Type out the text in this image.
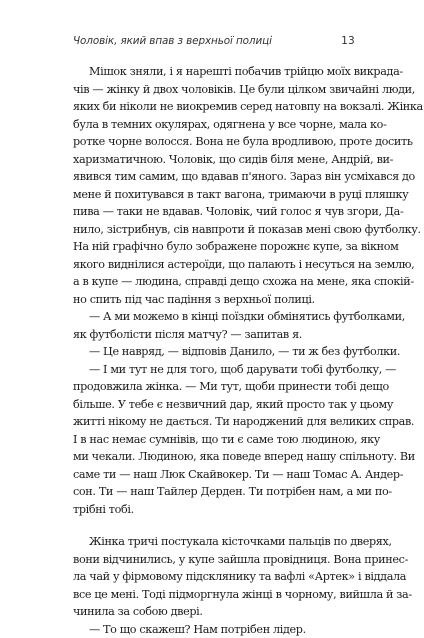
Чоловік, який впав з верхньої полиці	13
Мішок зняли, і я нарешті побачив трійцю моїх викрада-
чів — жінку й двох чоловіків. Це були цілком звичайні люди,
яких би ніколи не виокремив серед натовпу на вокзалі. Жінка
була в темних окулярах, одягнена у все чорне, мала ко-
ротке чорне волосся. Вона не була вродливою, проте досить
харизматичною. Чоловік, що сидів біля мене, Андрій, ви-
явився тим самим, що вдавав п'яного. Зараз він усміхався до
мене й похитувався в такт вагона, тримаючи в руці пляшку
пива — таки не вдавав. Чоловік, чий голос я чув згори, Да-
нило, зістрибнув, сів навпроти й показав мені свою футболку.
На ній графічно було зображене порожнє купе, за вікном
якого виднілися астероїди, що палають і несуться на землю,
а в купе — людина, справді дещо схожа на мене, яка спокій-
но спить під час падіння з верхньої полиці.
— А ми можемо в кінці поїздки обмінятись футболками,
як футболісти після матчу? — запитав я.
— Це навряд, — відповів Данило, — ти ж без футболки.
— І ми тут не для того, щоб дарувати тобі футболку, —
продовжила жінка. — Ми тут, щоби принести тобі дещо
більше. У тебе є незвичний дар, який просто так у цьому
житті нікому не дається. Ти народжений для великих справ.
І в нас немає сумнівів, що ти є саме тою людиною, яку
ми чекали. Людиною, яка поведе вперед нашу спільноту. Ви
саме ти — наш Люк Скайвокер. Ти — наш Томас А. Андер-
сон. Ти — наш Тайлер Дерден. Ти потрібен нам, а ми по-
трібні тобі.
Жінка тричі постукала кісточками пальців по дверях,
вони відчинились, у купе зайшла провідниця. Вона принес-
ла чай у фірмовому підсклянику та вафлі «Артек» і віддала
все це мені. Тоді підморгнула жінці в чорному, вийшла й за-
чинила за собою двері.
— То що скажеш? Нам потрібен лідер.
